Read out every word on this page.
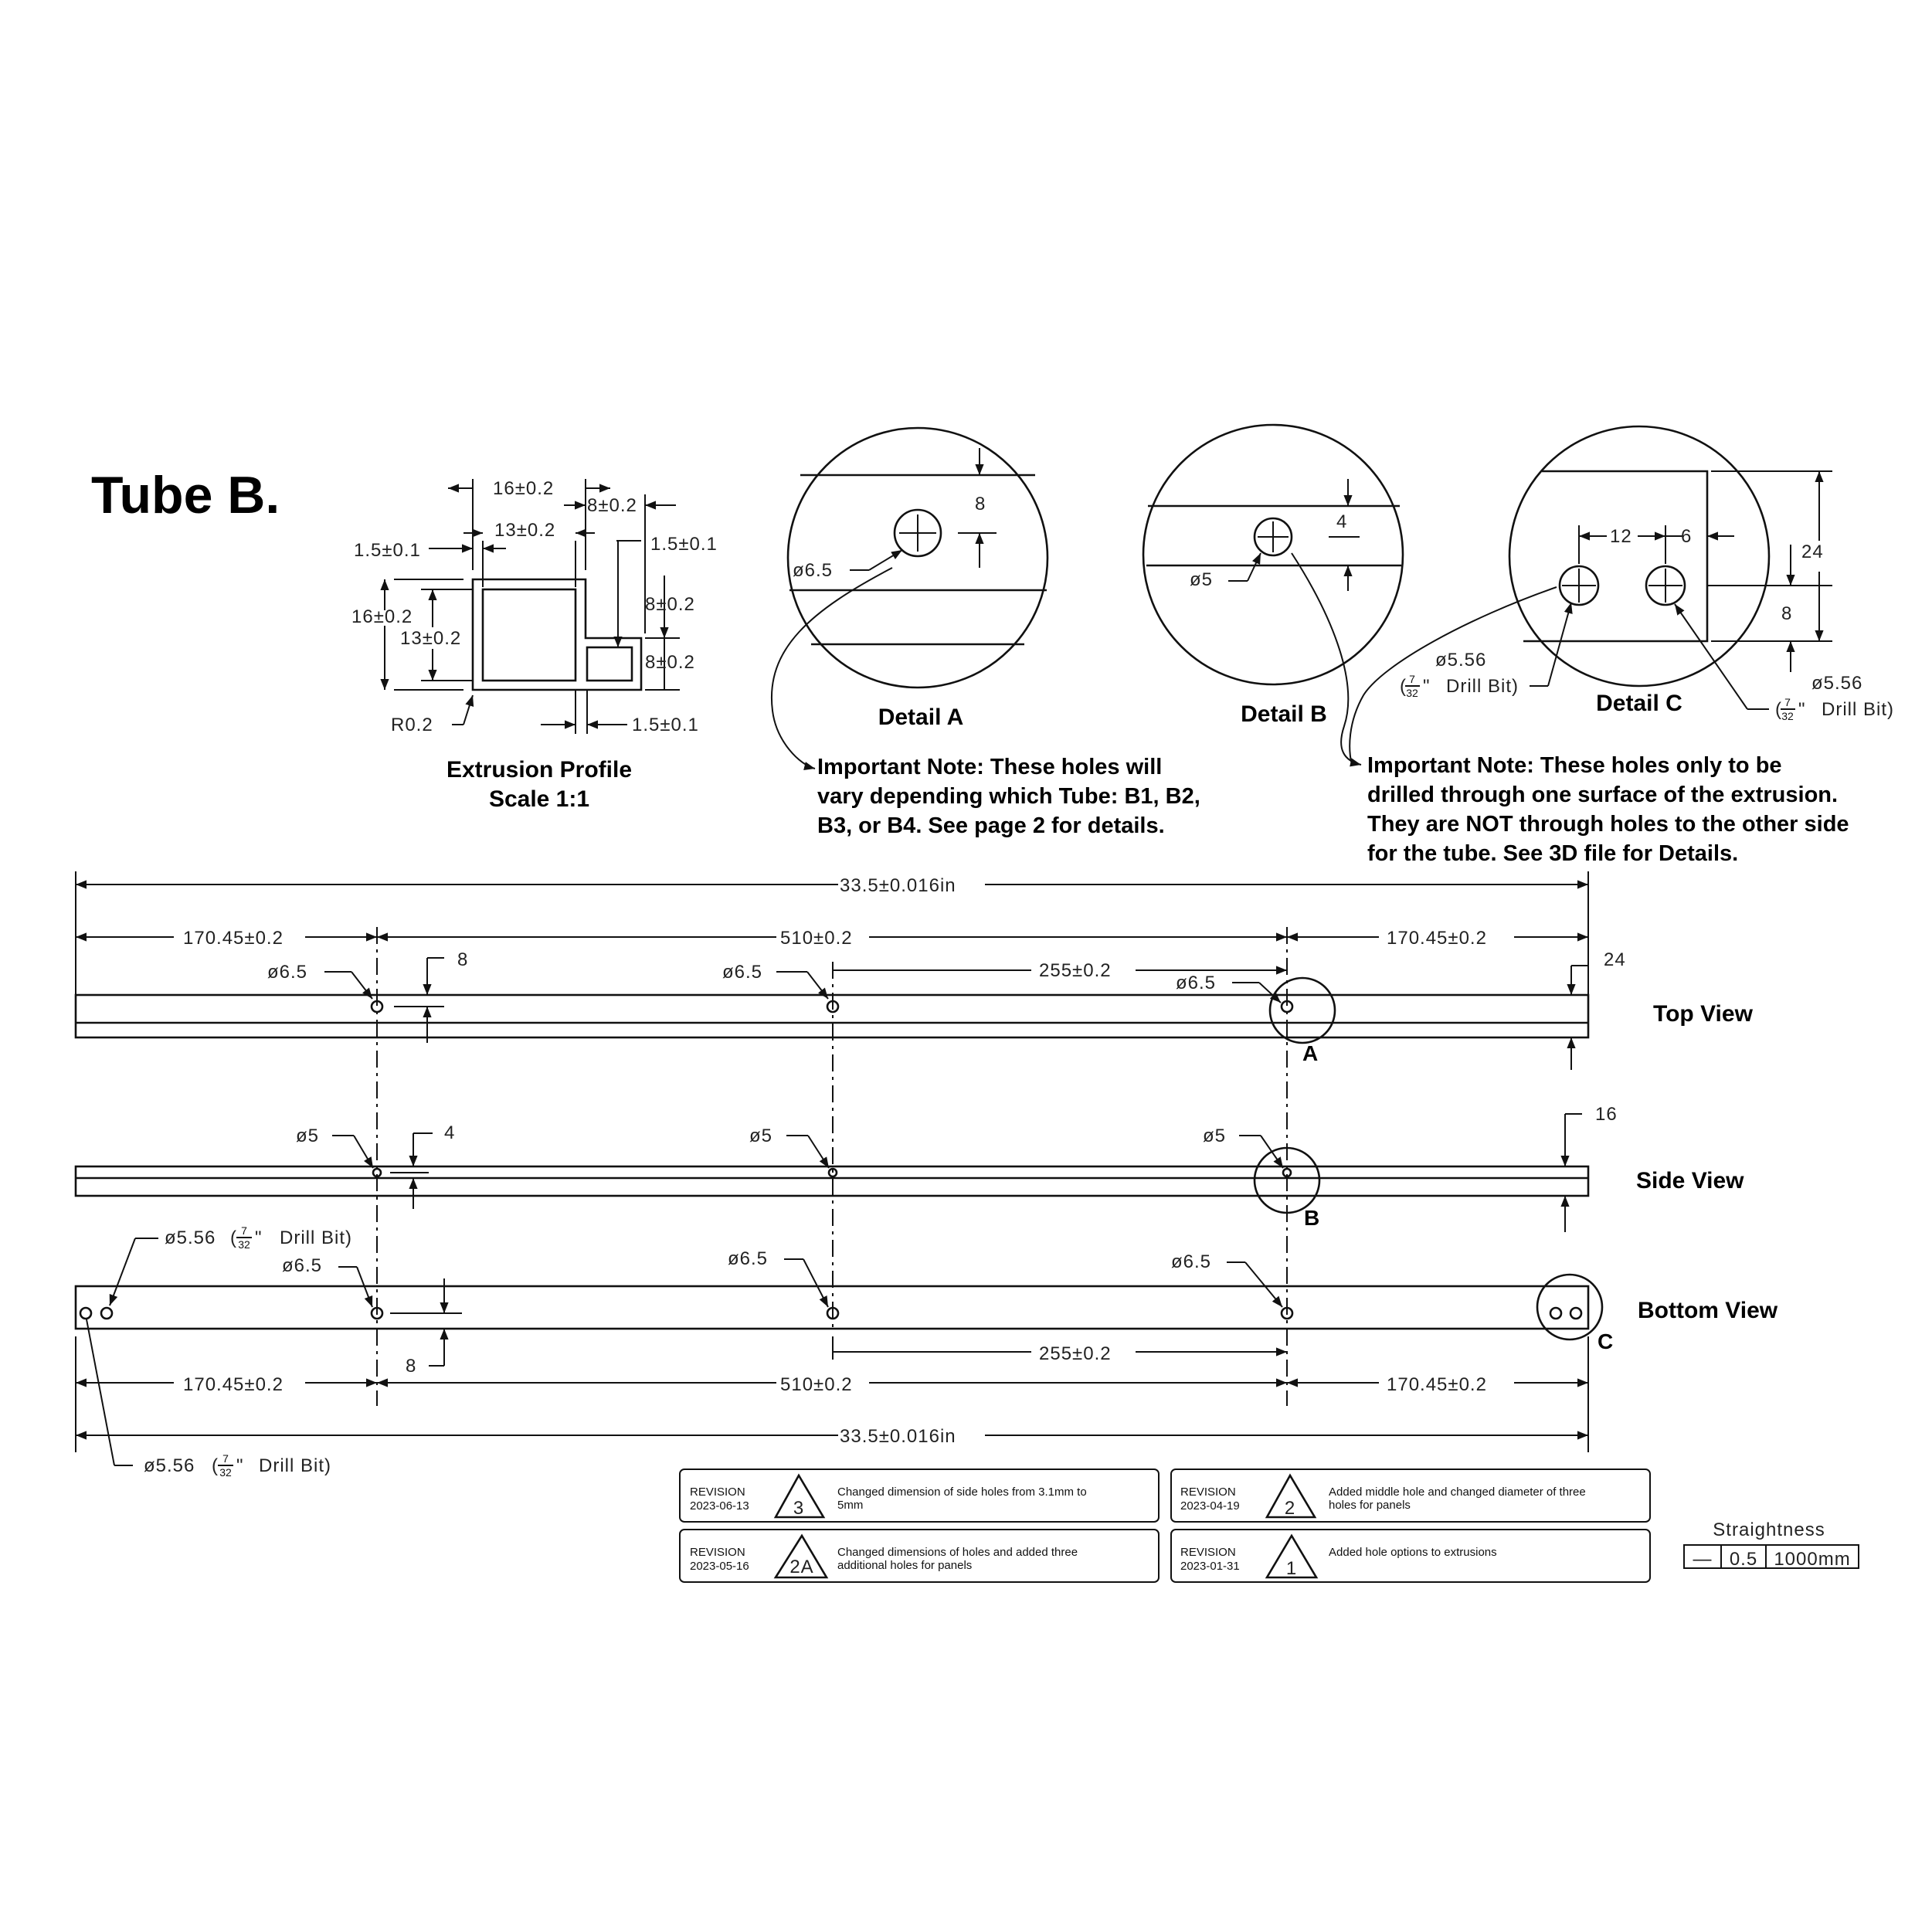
Tube B.	16±0.2
8±0.2
13±0.2
1.5±0.1	1.5±0.1
8±0.2
8±0.2
16±0.2
13±0.2
1.5±0.1
R0.2
Extrusion Profile
Scale 1:1
8
ø6.5
Detail A
4
ø5
Detail B
12	6
24
8
ø5.56
( 7
32 " Drill Bit)	ø5.56
( 7
32 " Drill Bit)
Detail C
Important Note: These holes will
vary depending which Tube: B1, B2,
B3, or B4. See page 2 for details.
Important Note: These holes only to be
drilled through one surface of the extrusion.
They are NOT through holes to the other side
for the tube. See 3D file for Details.
33.5±0.016in
170.45±0.2	510±0.2	170.45±0.2
255±0.2
A
ø6.5	ø6.5
ø6.5
8	24
Top View
B
ø5	ø5	ø5
4
16
Side View
C
ø5.56 ( 7
32 " Drill Bit)
ø6.5	ø6.5	ø6.5
8
Bottom View
255±0.2
170.45±0.2	510±0.2	170.45±0.2
33.5±0.016in
ø5.56 ( 7
32 " Drill Bit)
REVISION
2023-06-13 3
Changed dimension of side holes from 3.1mm to
5mm
REVISION
2023-04-19 2
Added middle hole and changed diameter of three
holes for panels
REVISION
2023-05-16 2A
Changed dimensions of holes and added three
additional holes for panels
REVISION
2023-01-31	1
Added hole options to extrusions
Straightness
— 0.5 1000mm
